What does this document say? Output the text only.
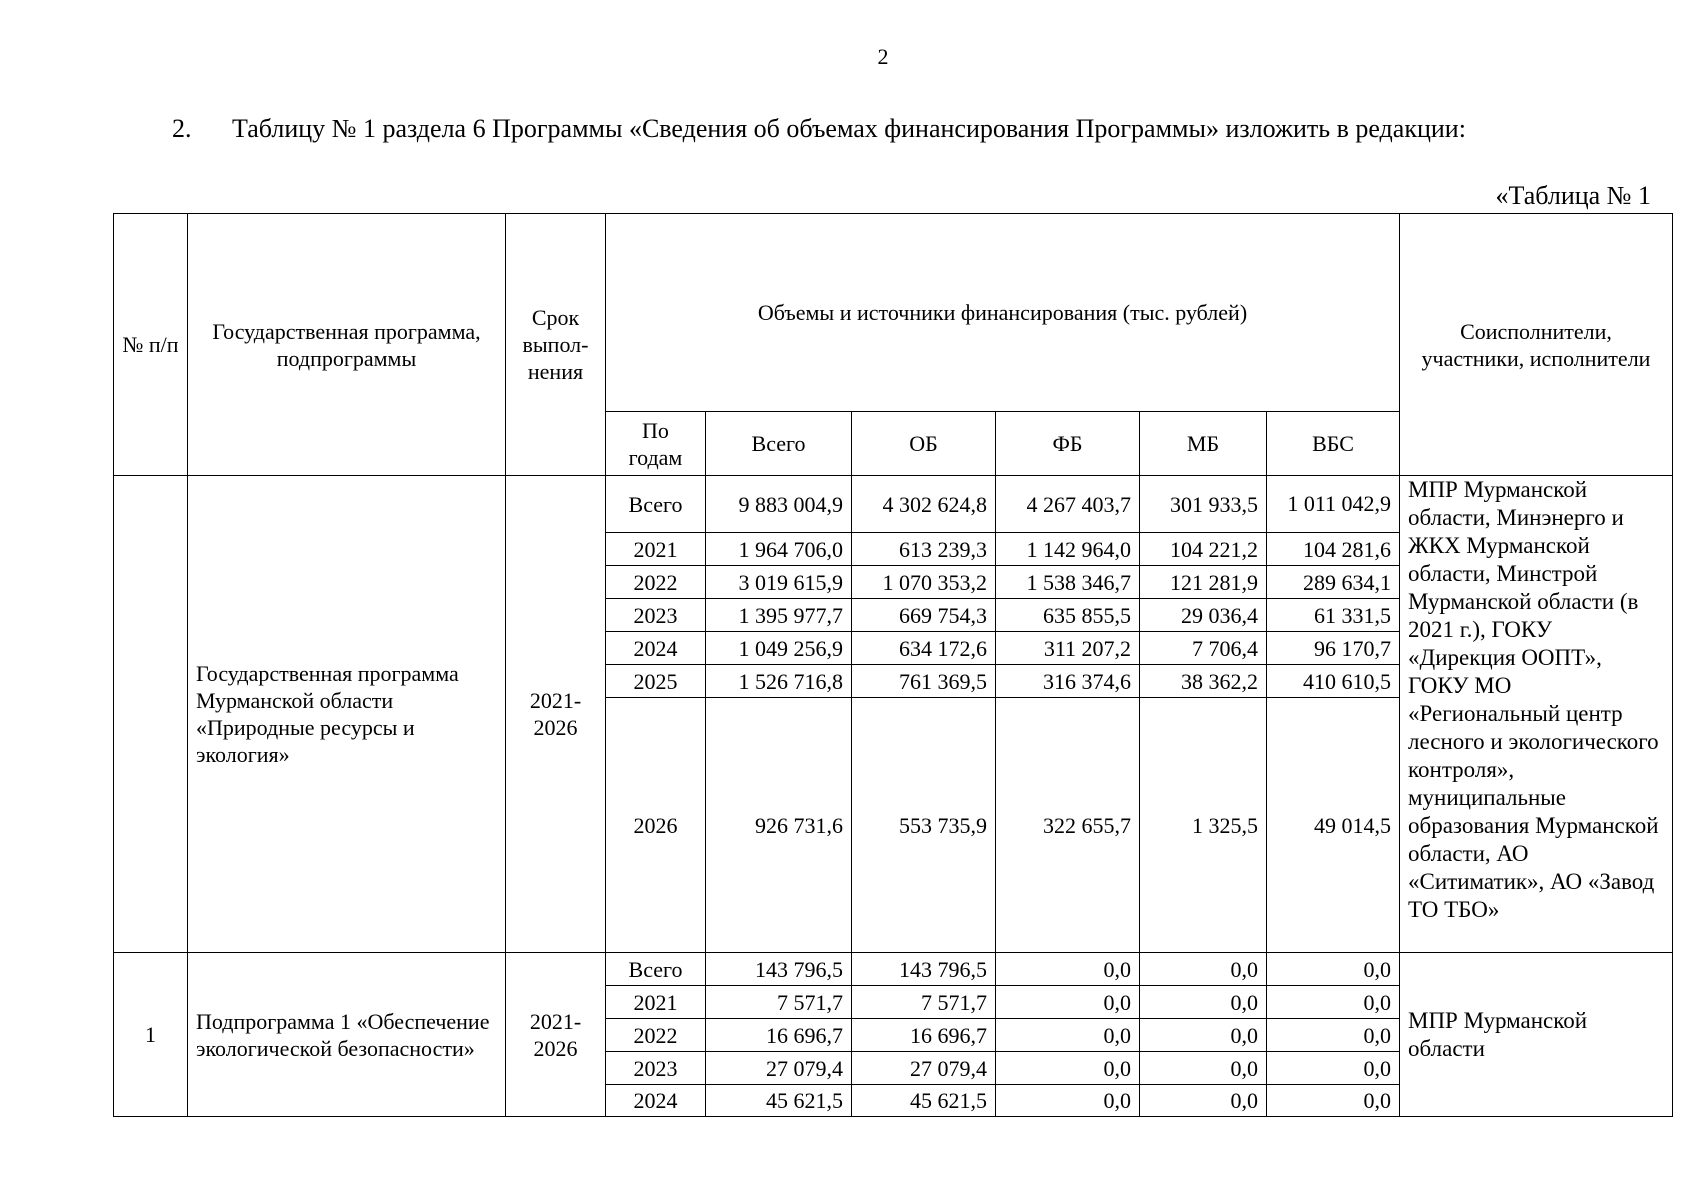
2
2. Таблицу № 1 раздела 6 Программы «Сведения об объемах финансирования Программы» изложить в редакции:
«Таблица № 1
№ п/п	Государственная программа, подпрограммы	Срок выпол-нения	Объемы и источники финансирования (тыс. рублей)						Соисполнители, участники, исполнители
			По годам	Всего	ОБ	ФБ	МБ	ВБС	
	Государственная программа Мурманской области «Природные ресурсы и экология»	2021-2026	Всего	9 883 004,9	4 302 624,8	4 267 403,7	301 933,5	1 011 042,9	МПР Мурманской области, Минэнерго и ЖКХ Мурманской области, Минстрой Мурманской области (в 2021 г.), ГОКУ «Дирекция ООПТ», ГОКУ МО «Региональный центр лесного и экологического контроля», муниципальные образования Мурманской области, АО «Ситиматик», АО «Завод ТО ТБО»
			2021	1 964 706,0	613 239,3	1 142 964,0	104 221,2	104 281,6	
			2022	3 019 615,9	1 070 353,2	1 538 346,7	121 281,9	289 634,1	
			2023	1 395 977,7	669 754,3	635 855,5	29 036,4	61 331,5	
			2024	1 049 256,9	634 172,6	311 207,2	7 706,4	96 170,7	
			2025	1 526 716,8	761 369,5	316 374,6	38 362,2	410 610,5	
			2026	926 731,6	553 735,9	322 655,7	1 325,5	49 014,5	
1	Подпрограмма 1 «Обеспечение экологической безопасности»	2021-2026	Всего	143 796,5	143 796,5	0,0	0,0	0,0	МПР Мурманской области
			2021	7 571,7	7 571,7	0,0	0,0	0,0	
			2022	16 696,7	16 696,7	0,0	0,0	0,0	
			2023	27 079,4	27 079,4	0,0	0,0	0,0	
			2024	45 621,5	45 621,5	0,0	0,0	0,0	
